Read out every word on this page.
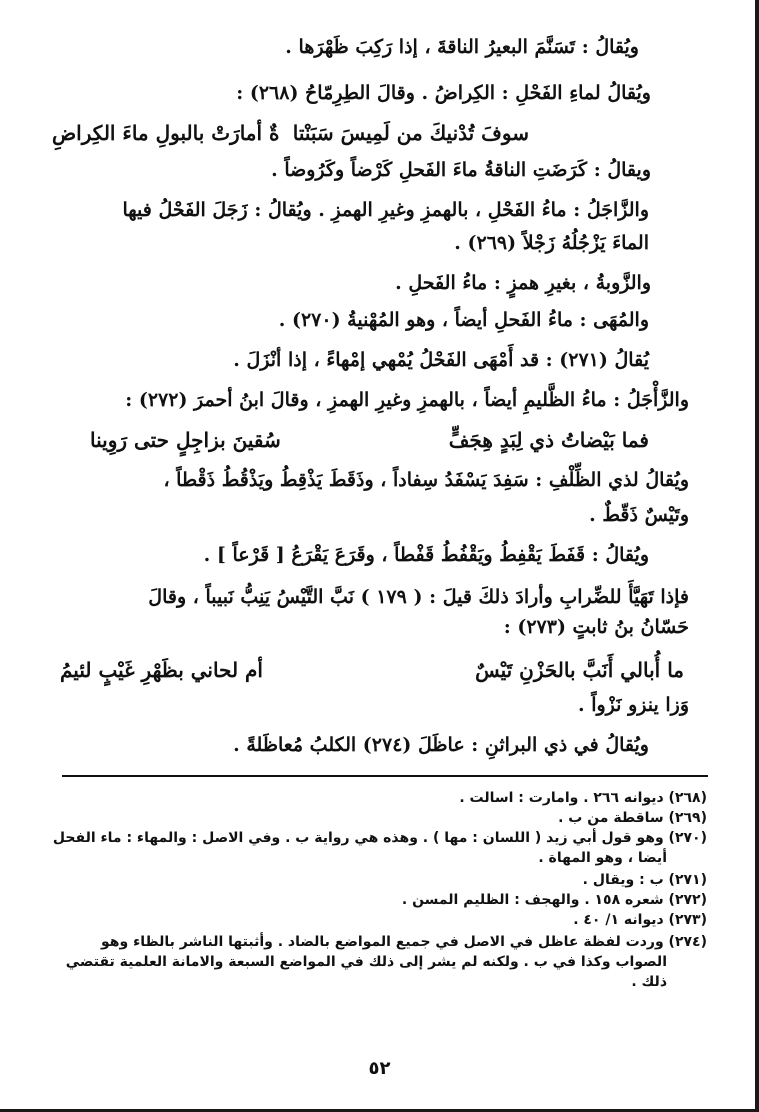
ويُقالُ : تَسَنَّمَ البعيرُ الناقةَ ، إذا رَكِبَ ظَهْرَها .
ويُقالُ لماءِ الفَحْلِ : الكِراضُ . وقالَ الطِرِمّاحُ (٢٦٨) :
سوفَ تُدْنيكَ من لَمِيسَ سَبَنْتا
ةٌ أمارَتْ بالبولِ ماءَ الكِراضِ
ويقالُ : كَرَضَتِ الناقةُ ماءَ الفَحلِ كَرْضاً وكَرُوضاً .
والزَّاجَلُ : ماءُ الفَحْلِ ، بالهمزِ وغيرِ الهمزِ . ويُقالُ : زَجَلَ الفَحْلُ فيها
الماءَ يَزْجُلُهُ زَجْلاً (٢٦٩) .
والزَّوبةُ ، بغيرِ همزٍ : ماءُ الفَحلِ .
والمُهَى : ماءُ الفَحلِ أيضاً ، وهو المُهْنيةُ (٢٧٠) .
يُقالُ (٢٧١) : قد أَمْهَى الفَحْلُ يُمْهي إمْهاءً ، إذا أنْزَلَ .
والزَّأْجَلُ : ماءُ الظَّليمِ أيضاً ، بالهمزِ وغيرِ الهمزِ ، وقالَ ابنُ أحمرَ (٢٧٢) :
فما بَيْضاتُ ذي لِبَدٍ هِجَفٍّ
سُقينَ بزاجِلٍ حتى رَوِينا
ويُقالُ لذي الظِّلْفِ : سَفِدَ يَسْفَدُ سِفاداً ، وذَقَطَ يَذْقِطُ ويَذْقُطُ ذَقْطاً ،
وتَيْسٌ ذَقّطٌ .
ويُقالُ : قَفَطَ يَقْفِطُ ويَقْفُطُ قَفْطاً ، وقَرَعَ يَقْرَعُ [ قَرْعاً ] .
فإذا تَهَيَّأَ للضِّرابِ وأرادَ ذلكَ قيلَ : ( ١٧٩ ) نَبَّ التَّيْسُ يَنِبُّ نَبيباً ، وقالَ
حَسّانُ بنُ ثابتٍ (٢٧٣) :
ما أُبالي أَنَبَّ بالحَزْنِ تَيْسٌ
أم لحاني بظَهْرِ غَيْبٍ لئيمُ
وَزا ينزو نَزْواً .
ويُقالُ في ذي البراثنِ : عاظَلَ (٢٧٤) الكلبُ مُعاظَلةً .
(٢٦٨) ديوانه ٢٦٦ . وامارت : اسالت .
(٢٦٩) ساقطة من ب .
(٢٧٠) وهو قول أبي زيد ( اللسان : مها ) . وهذه هي رواية ب . وفي الاصل : والمهاء : ماء الفحل
أيضا ، وهو المهاة .
(٢٧١) ب : ويقال .
(٢٧٢) شعره ١٥٨ . والهجف : الظليم المسن .
(٢٧٣) ديوانه ١/ ٤٠ .
(٢٧٤) وردت لفظة عاظل في الاصل في جميع المواضع بالضاد . وأثبتها الناشر بالظاء وهو
الصواب وكذا في ب . ولكنه لم يشر إلى ذلك في المواضع السبعة والامانة العلمية تقتضي
ذلك .
٥٢
